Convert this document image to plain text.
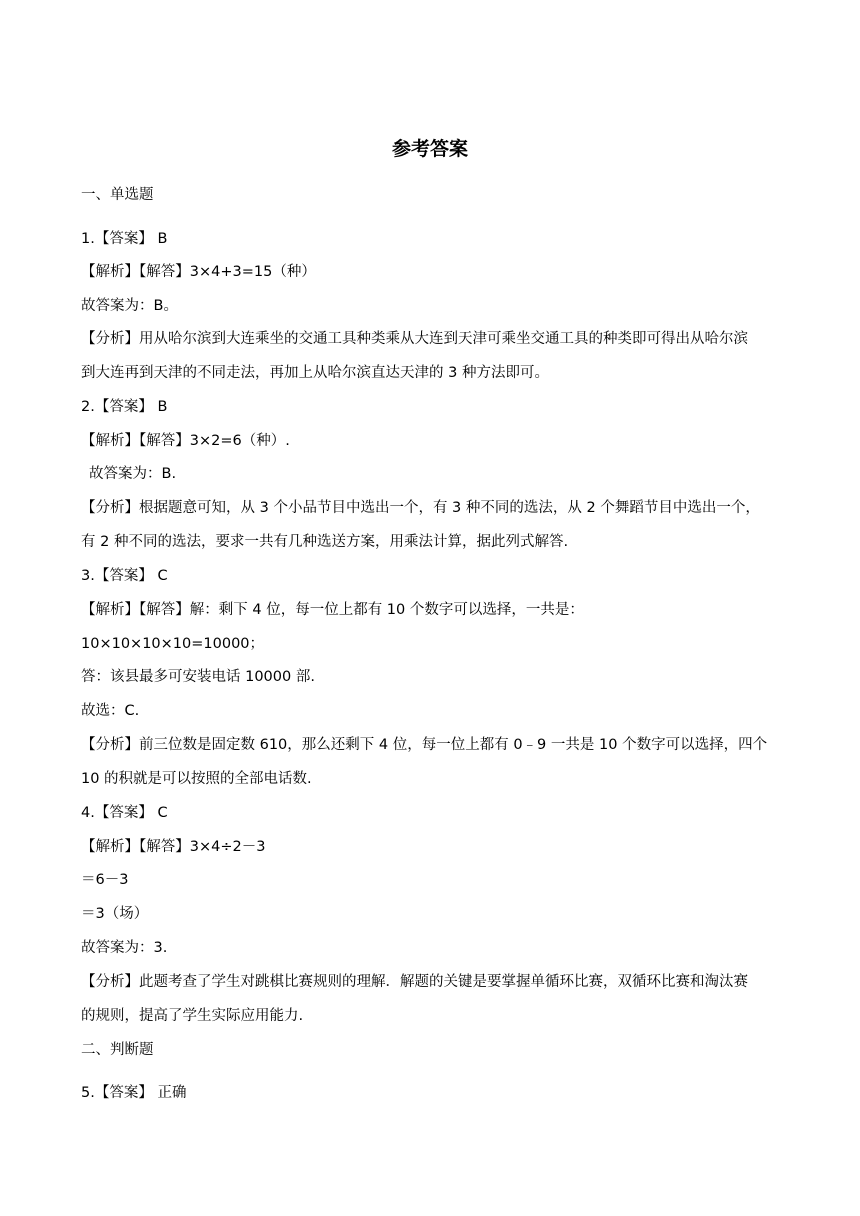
参考答案
一、单选题
1.【答案】 B
【解析】【解答】3×4+3=15（种）
故答案为：B。
【分析】用从哈尔滨到大连乘坐的交通工具种类乘从大连到天津可乘坐交通工具的种类即可得出从哈尔滨
到大连再到天津的不同走法，再加上从哈尔滨直达天津的 3 种方法即可。
2.【答案】 B
【解析】【解答】3×2=6（种）.
故答案为：B.
【分析】根据题意可知，从 3 个小品节目中选出一个，有 3 种不同的选法，从 2 个舞蹈节目中选出一个，
有 2 种不同的选法，要求一共有几种选送方案，用乘法计算，据此列式解答.
3.【答案】 C
【解析】【解答】解：剩下 4 位，每一位上都有 10 个数字可以选择，一共是：
10×10×10×10=10000；
答：该县最多可安装电话 10000 部.
故选：C.
【分析】前三位数是固定数 610，那么还剩下 4 位，每一位上都有 0﹣9 一共是 10 个数字可以选择，四个
10 的积就是可以按照的全部电话数.
4.【答案】 C
【解析】【解答】3×4÷2－3
＝6－3
＝3（场）
故答案为：3.
【分析】此题考查了学生对跳棋比赛规则的理解．解题的关键是要掌握单循环比赛，双循环比赛和淘汰赛
的规则，提高了学生实际应用能力.
二、判断题
5.【答案】 正确
